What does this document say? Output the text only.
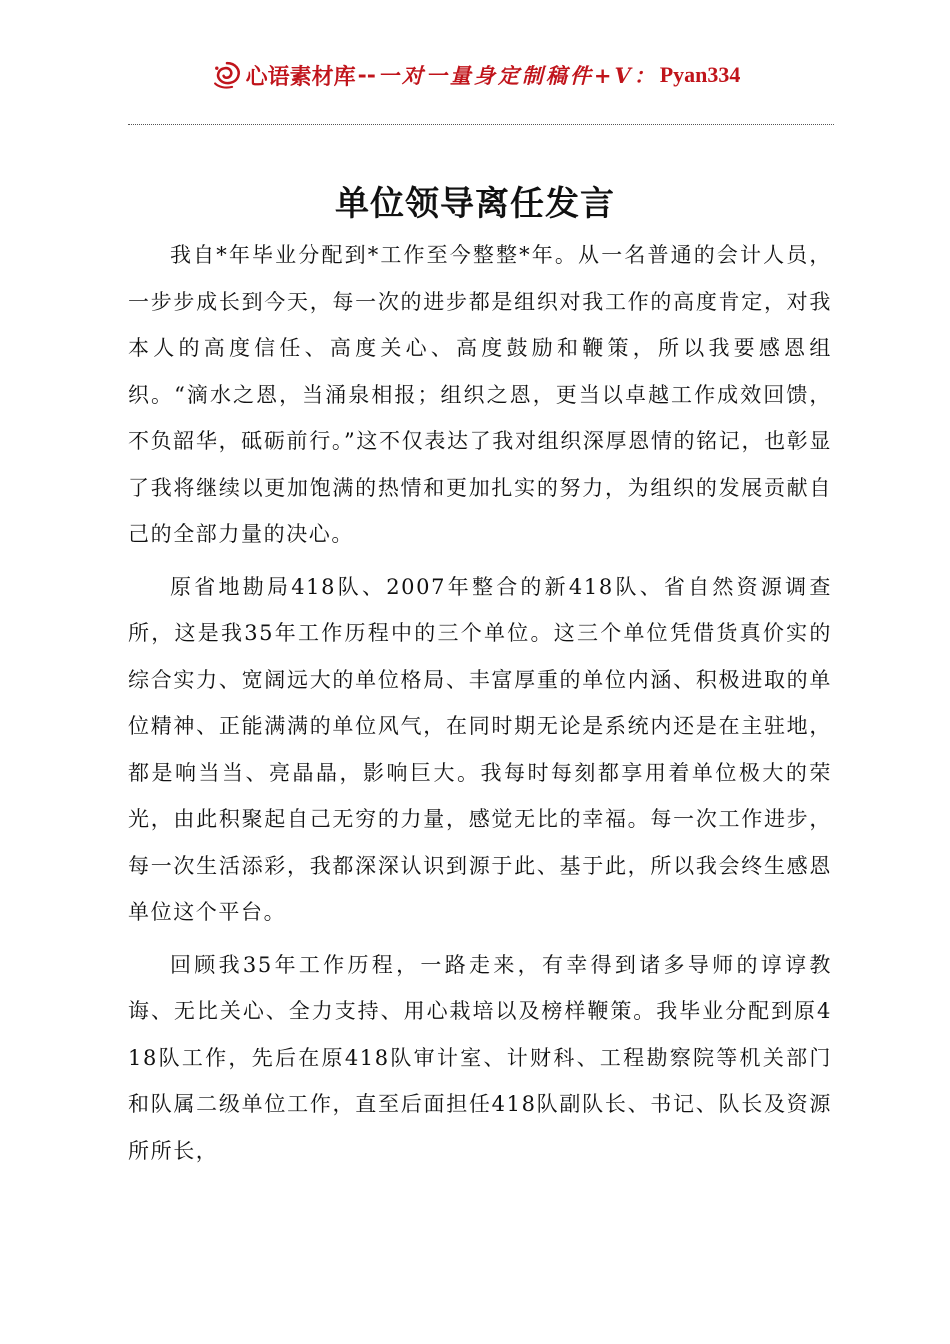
心语素材库 -- 一对一量身定制稿件+V： Pyan334
单位领导离任发言

我自*年毕业分配到*工作至今整整*年。从一名普通的会计人员，一步步成长到今天，每一次的进步都是组织对我工作的高度肯定，对我本人的高度信任、高度关心、高度鼓励和鞭策，所以我要感恩组织。“滴水之恩，当涌泉相报；组织之恩，更当以卓越工作成效回馈，不负韶华，砥砺前行。”这不仅表达了我对组织深厚恩情的铭记，也彰显了我将继续以更加饱满的热情和更加扎实的努力，为组织的发展贡献自己的全部力量的决心。

原省地勘局418队、2007年整合的新418队、省自然资源调查所，这是我35年工作历程中的三个单位。这三个单位凭借货真价实的综合实力、宽阔远大的单位格局、丰富厚重的单位内涵、积极进取的单位精神、正能满满的单位风气，在同时期无论是系统内还是在主驻地，都是响当当、亮晶晶，影响巨大。我每时每刻都享用着单位极大的荣光，由此积聚起自己无穷的力量，感觉无比的幸福。每一次工作进步，每一次生活添彩，我都深深认识到源于此、基于此，所以我会终生感恩单位这个平台。

回顾我35年工作历程，一路走来，有幸得到诸多导师的谆谆教诲、无比关心、全力支持、用心栽培以及榜样鞭策。我毕业分配到原418队工作，先后在原418队审计室、计财科、工程勘察院等机关部门和队属二级单位工作，直至后面担任418队副队长、书记、队长及资源所所长，
